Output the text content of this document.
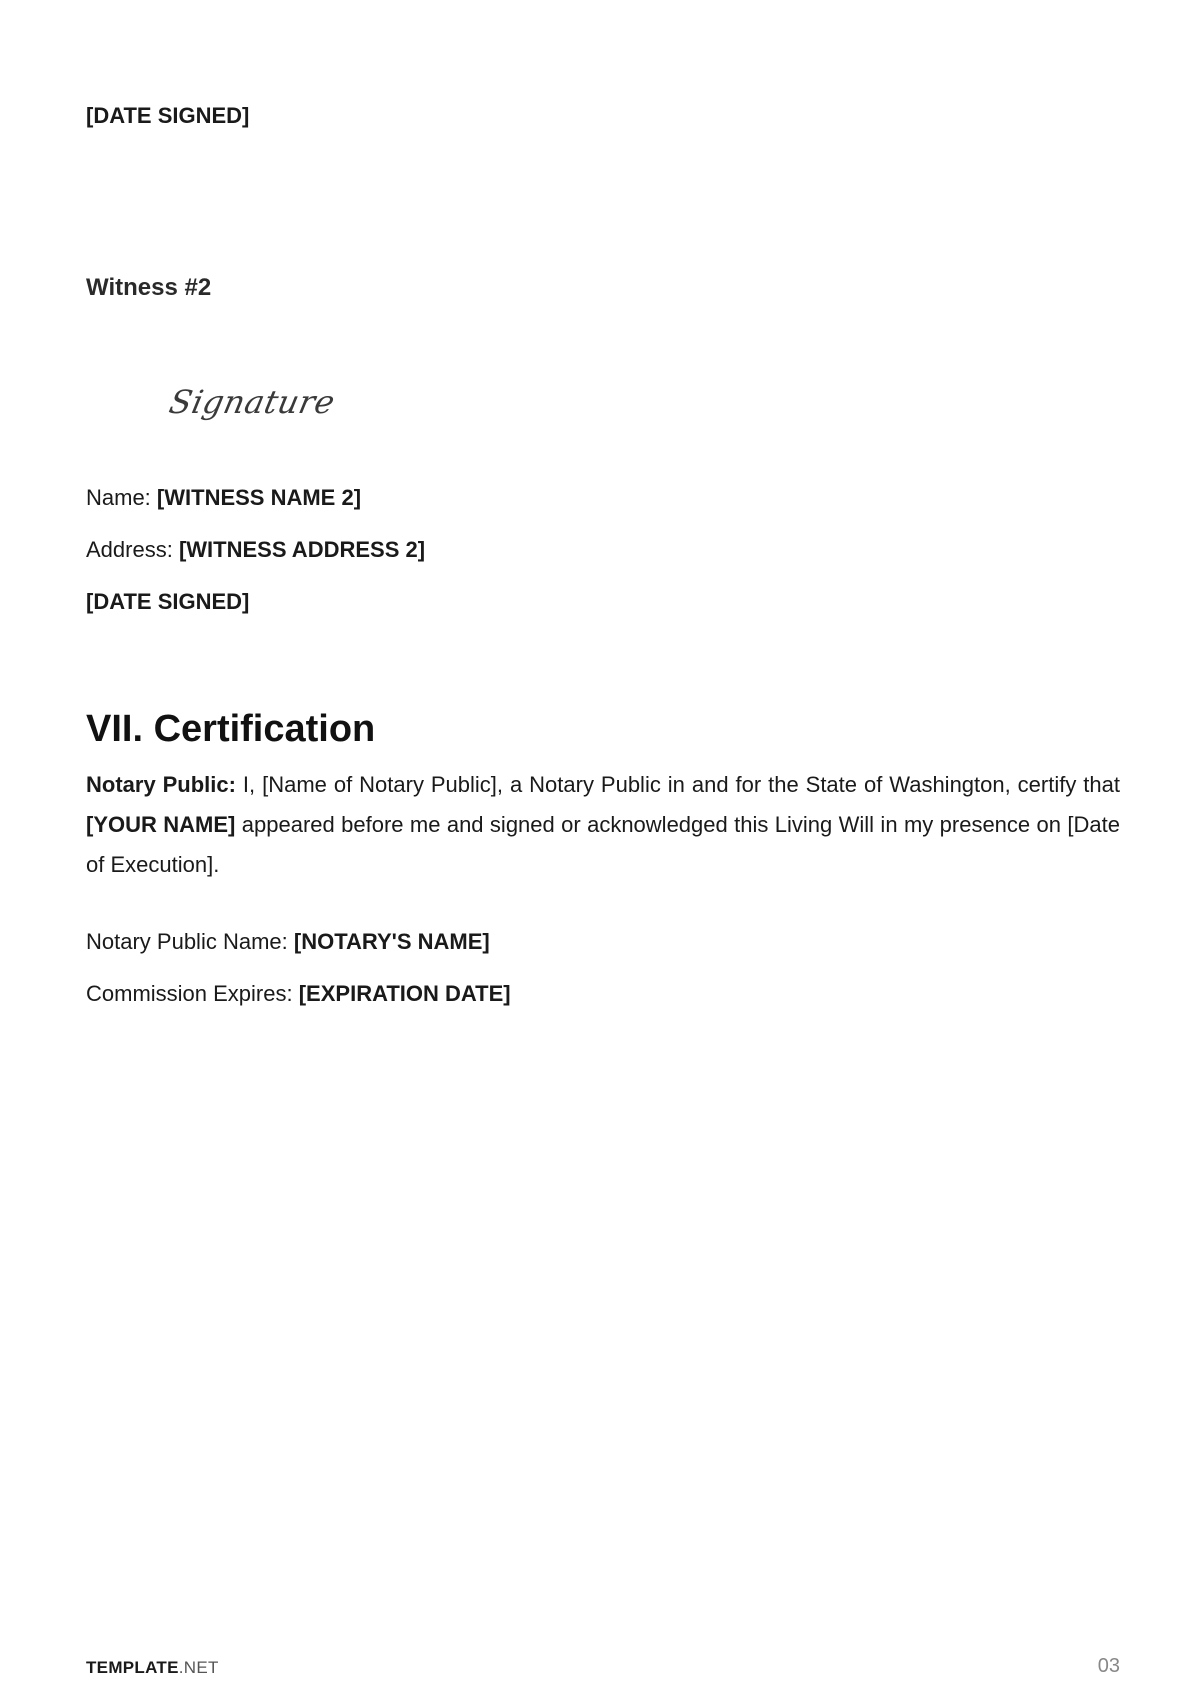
[DATE SIGNED]
Witness #2
Signature
Name: [WITNESS NAME 2]
Address: [WITNESS ADDRESS 2]
[DATE SIGNED]
VII. Certification

Notary Public: I, [Name of Notary Public], a Notary Public in and for the State of Washington, certify that [YOUR NAME] appeared before me and signed or acknowledged this Living Will in my presence on [Date of Execution].

Notary Public Name: [NOTARY'S NAME]
Commission Expires: [EXPIRATION DATE]
TEMPLATE.NET	03
